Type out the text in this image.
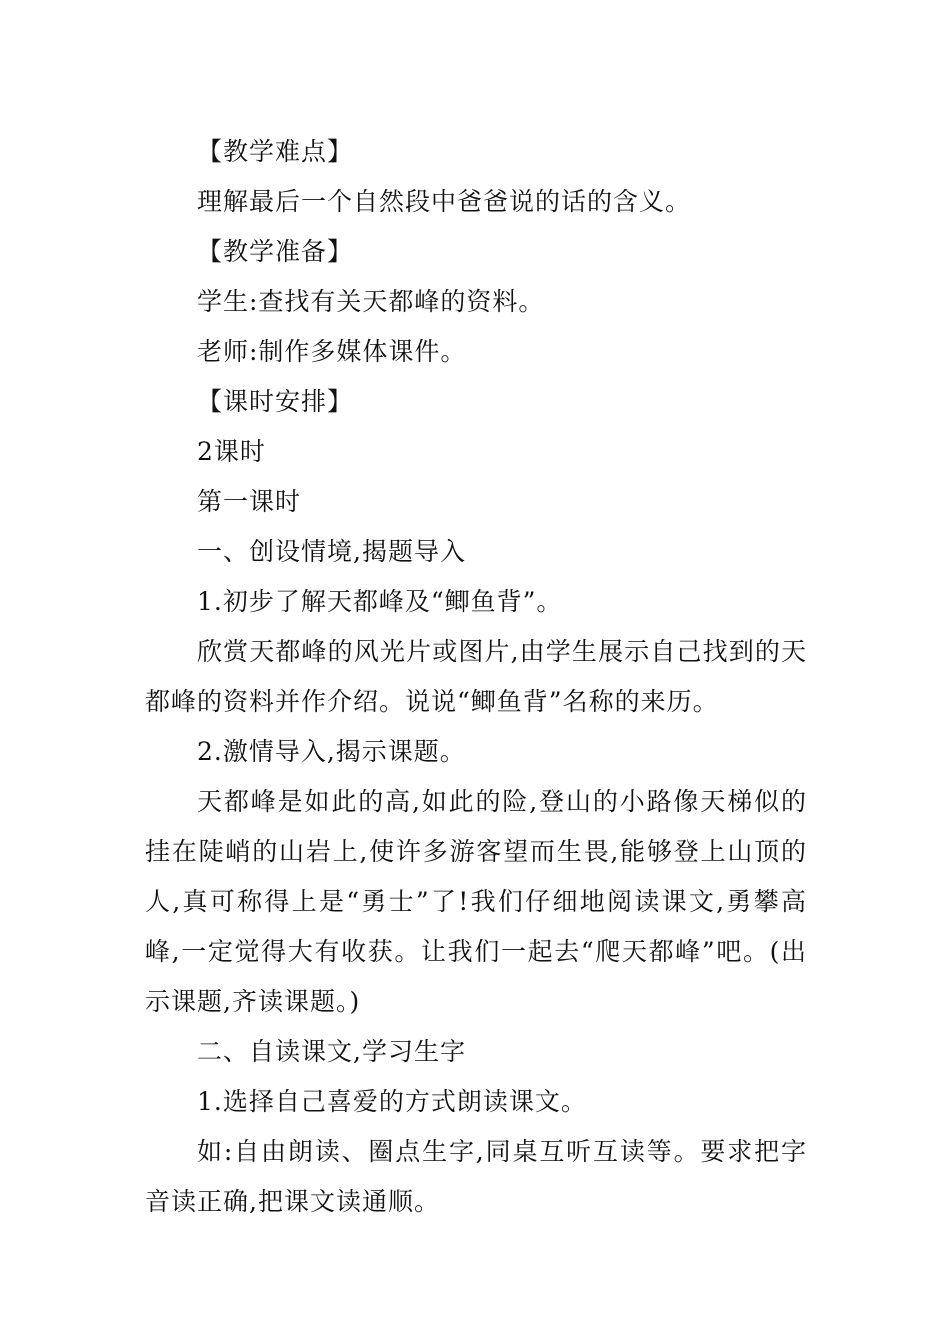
【教学难点】

理解最后一个自然段中爸爸说的话的含义。

【教学准备】

学生:查找有关天都峰的资料。

老师:制作多媒体课件。

【课时安排】

2课时

第一课时

一、创设情境,揭题导入

1.初步了解天都峰及“鲫鱼背”。

欣赏天都峰的风光片或图片,由学生展示自己找到的天都峰的资料并作介绍。说说“鲫鱼背”名称的来历。

2.激情导入,揭示课题。

天都峰是如此的高,如此的险,登山的小路像天梯似的挂在陡峭的山岩上,使许多游客望而生畏,能够登上山顶的人,真可称得上是“勇士”了!我们仔细地阅读课文,勇攀高峰,一定觉得大有收获。让我们一起去“爬天都峰”吧。(出示课题,齐读课题。)

二、自读课文,学习生字

1.选择自己喜爱的方式朗读课文。

如:自由朗读、圈点生字,同桌互听互读等。要求把字音读正确,把课文读通顺。
